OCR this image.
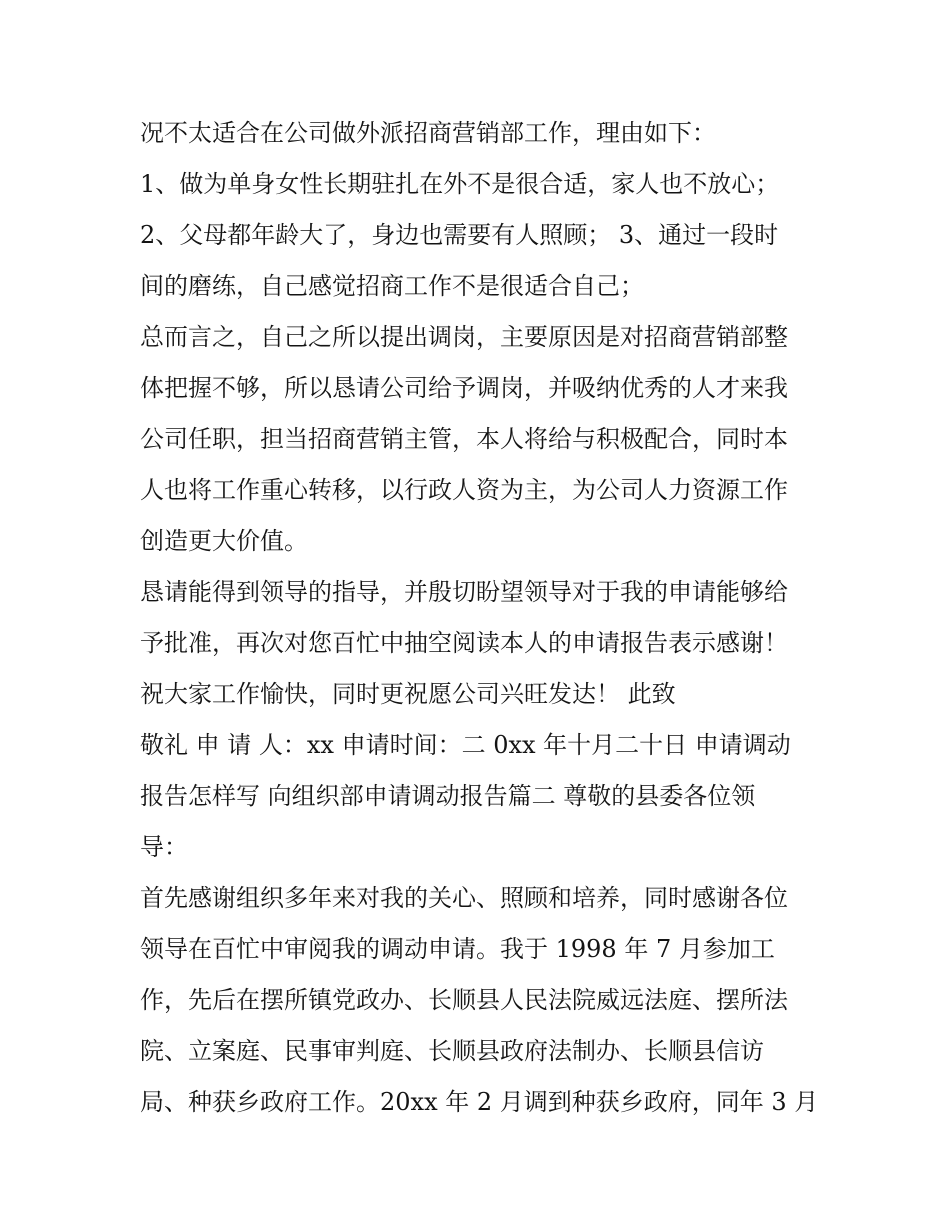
况不太适合在公司做外派招商营销部工作，理由如下：

1、做为单身女性长期驻扎在外不是很合适，家人也不放心；

2、父母都年龄大了，身边也需要有人照顾； 3、通过一段时

间的磨练，自己感觉招商工作不是很适合自己；

总而言之，自己之所以提出调岗，主要原因是对招商营销部整

体把握不够，所以恳请公司给予调岗，并吸纳优秀的人才来我

公司任职，担当招商营销主管，本人将给与积极配合，同时本

人也将工作重心转移，以行政人资为主，为公司人力资源工作

创造更大价值。

恳请能得到领导的指导，并殷切盼望领导对于我的申请能够给

予批准，再次对您百忙中抽空阅读本人的申请报告表示感谢！

祝大家工作愉快，同时更祝愿公司兴旺发达！ 此致

敬礼 申 请 人：xx 申请时间：二 0xx 年十月二十日 申请调动

报告怎样写 向组织部申请调动报告篇二 尊敬的县委各位领

导：

首先感谢组织多年来对我的关心、照顾和培养，同时感谢各位

领导在百忙中审阅我的调动申请。我于 1998 年 7 月参加工

作，先后在摆所镇党政办、长顺县人民法院威远法庭、摆所法

院、立案庭、民事审判庭、长顺县政府法制办、长顺县信访

局、种获乡政府工作。20xx 年 2 月调到种获乡政府，同年 3 月
